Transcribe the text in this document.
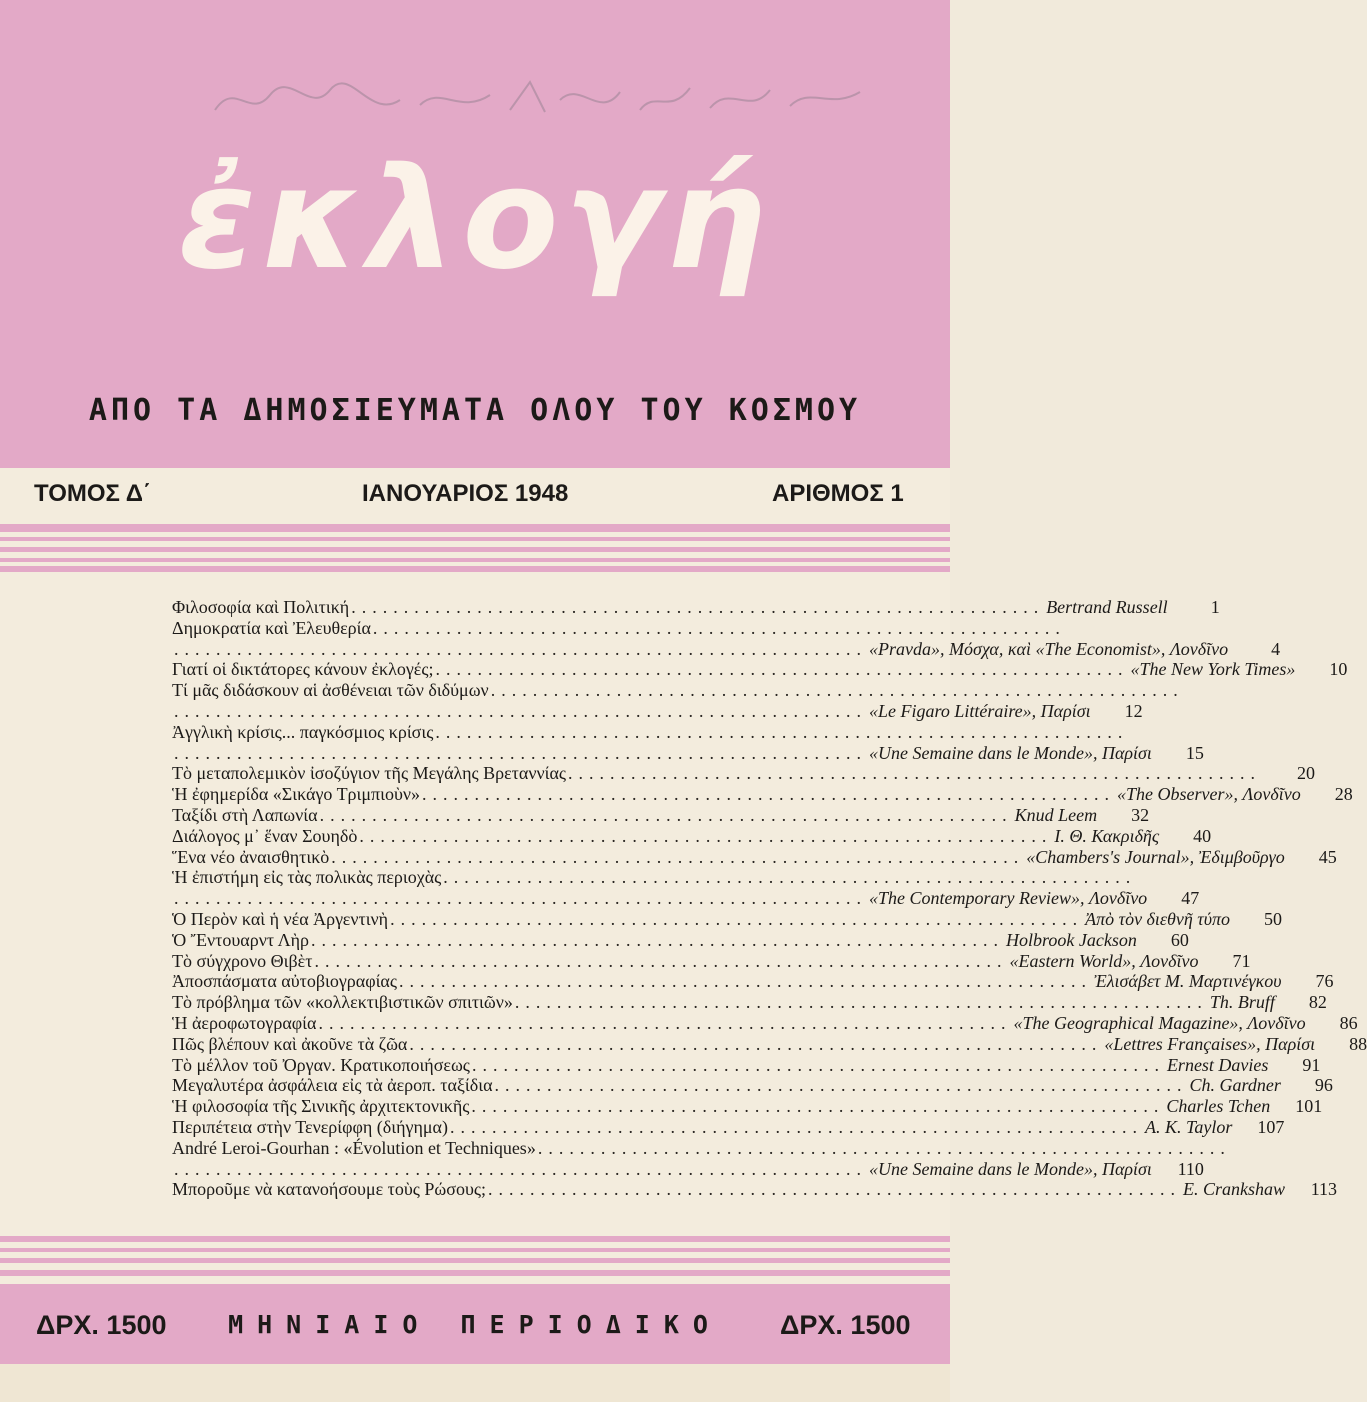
ἐκλογή
ΑΠΟ ΤΑ ΔΗΜΟΣΙΕΥΜΑΤΑ ΟΛΟΥ ΤΟΥ ΚΟΣΜΟΥ
ΤΟΜΟΣ Δ΄	ΙΑΝΟΥΑΡΙΟΣ 1948	ΑΡΙΘΜΟΣ 1
Φιλοσοφία καὶ Πολιτική .................................................................. Bertrand Russell	1
Δημοκρατία καὶ Ἐλευθερία ..................................................................
.................................................................. «Pravda», Μόσχα, καὶ «The Economist», Λονδῖνο	4
Γιατί οἱ δικτάτορες κάνουν ἐκλογές; .................................................................. «The New York Times»	10
Τί μᾶς διδάσκουν αἱ ἀσθένειαι τῶν διδύμων ..................................................................
.................................................................. «Le Figaro Littéraire», Παρίσι	12
Ἀγγλικὴ κρίσις... παγκόσμιος κρίσις ..................................................................
.................................................................. «Une Semaine dans le Monde», Παρίσι	15
Τὸ μεταπολεμικὸν ἰσοζύγιον τῆς Μεγάλης Βρεταννίας ..................................................................	20
Ἡ ἐφημερίδα «Σικάγο Τριμπιοὺν» .................................................................. «The Observer», Λονδῖνο	28
Ταξίδι στὴ Λαπωνία .................................................................. Knud Leem	32
Διάλογος μ᾽ ἕναν Σουηδὸ .................................................................. Ι. Θ. Κακριδῆς	40
Ἕνα νέο ἀναισθητικὸ .................................................................. «Chambers's Journal», Ἐδιμβοῦργο	45
Ἡ ἐπιστήμη εἰς τὰς πολικὰς περιοχὰς ..................................................................
.................................................................. «The Contemporary Review», Λονδῖνο	47
Ὁ Περὸν καὶ ἡ νέα Ἀργεντινὴ .................................................................. Ἀπὸ τὸν διεθνῆ τύπο	50
Ὁ Ἔντουαρντ Λὴρ .................................................................. Holbrook Jackson	60
Τὸ σύγχρονο Θιβὲτ .................................................................. «Eastern World», Λονδῖνο	71
Ἀποσπάσματα αὐτοβιογραφίας .................................................................. Ἐλισάβετ Μ. Μαρτινέγκου	76
Τὸ πρόβλημα τῶν «κολλεκτιβιστικῶν σπιτιῶν» .................................................................. Th. Bruff	82
Ἡ ἀεροφωτογραφία .................................................................. «The Geographical Magazine», Λονδῖνο	86
Πῶς βλέπουν καὶ ἀκοῦνε τὰ ζῶα .................................................................. «Lettres Françaises», Παρίσι	88
Τὸ μέλλον τοῦ Ὀργαν. Κρατικοποιήσεως .................................................................. Ernest Davies	91
Μεγαλυτέρα ἀσφάλεια εἰς τὰ ἀεροπ. ταξίδια .................................................................. Ch. Gardner	96
Ἡ φιλοσοφία τῆς Σινικῆς ἀρχιτεκτονικῆς .................................................................. Charles Tchen	101
Περιπέτεια στὴν Τενερίφφη (διήγημα) .................................................................. A. K. Taylor	107
André Leroi-Gourhan : «Évolution et Techniques» ..................................................................
.................................................................. «Une Semaine dans le Monde», Παρίσι	110
Μποροῦμε νὰ κατανοήσουμε τοὺς Ρώσους; .................................................................. E. Crankshaw	113
ΔΡΧ. 1500	ΜΗΝΙΑΙΟ ΠΕΡΙΟΔΙΚΟ	ΔΡΧ. 1500
